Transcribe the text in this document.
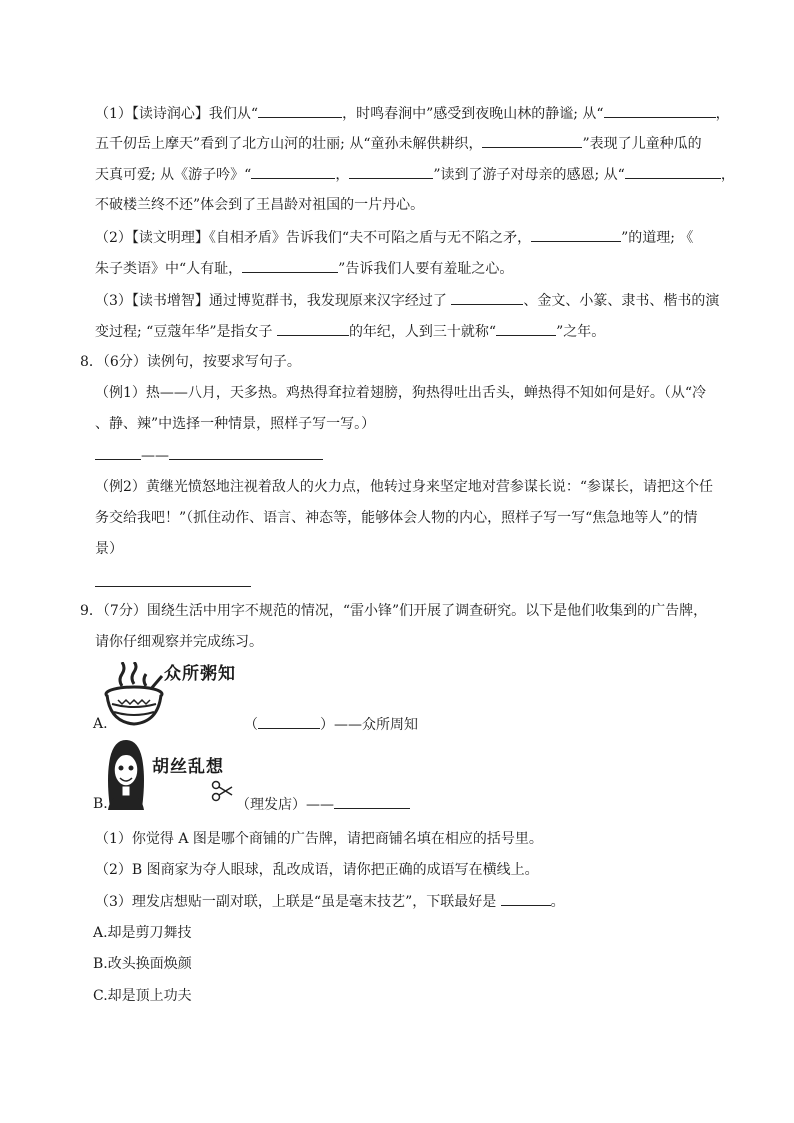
（1）【读诗润心】我们从“	，时鸣春涧中”感受到夜晚山林的静谧; 从“	，
五千仞岳上摩天”看到了北方山河的壮丽; 从“童孙未解供耕织，	”表现了儿童种瓜的
天真可爱; 从《游子吟》“	，	”读到了游子对母亲的感恩; 从“	，
不破楼兰终不还”体会到了王昌龄对祖国的一片丹心。
（2）【读文明理】《自相矛盾》告诉我们“夫不可陷之盾与无不陷之矛，	”的道理; 《
朱子类语》中“人有耻，	”告诉我们人要有羞耻之心。
（3）【读书增智】通过博览群书，我发现原来汉字经过了	、金文、小篆、隶书、楷书的演
变过程; “豆蔻年华”是指女子	的年纪，人到三十就称“	”之年。
8．（6分）读例句，按要求写句子。
（例1）热——八月，天多热。鸡热得耷拉着翅膀，狗热得吐出舌头，蝉热得不知如何是好。（从“冷
、静、辣”中选择一种情景，照样子写一写。）
——
（例2）黄继光愤怒地注视着敌人的火力点，他转过身来坚定地对营参谋长说：“参谋长，请把这个任
务交给我吧！”（抓住动作、语言、神态等，能够体会人物的内心，照样子写一写“焦急地等人”的情
景）
9．（7分）围绕生活中用字不规范的情况，“雷小锋”们开展了调查研究。以下是他们收集到的广告牌，
请你仔细观察并完成练习。
众所粥知
A.	（	）——众所周知
胡丝乱想
B.	（理发店）——
（1）你觉得 A 图是哪个商铺的广告牌，请把商铺名填在相应的括号里。
（2）B 图商家为夺人眼球，乱改成语，请你把正确的成语写在横线上。
（3）理发店想贴一副对联，上联是“虽是毫末技艺”，下联最好是	。
A.却是剪刀舞技
B.改头换面焕颜
C.却是顶上功夫
